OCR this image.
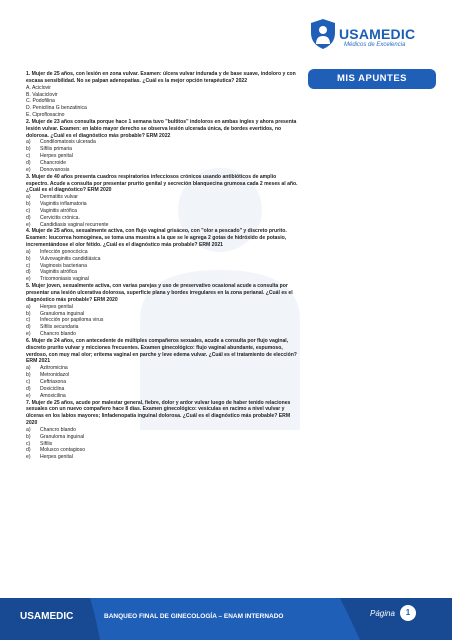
USAMEDIC
Médicos de Excelencia
MIS APUNTES

1. Mujer de 25 años, con lesión en zona vulvar. Examen: úlcera vulvar indurada y de base suave, indoloro y con escasa sensibilidad. No se palpan adenopatías. ¿Cuál es la mejor opción terapéutica? 2022

A. Aciclovir
B. Valaciclovir
C. Podofilina
D. Penicilina G benzatinica
E. Ciprofloxacino

2. Mujer de 23 años consulta porque hace 1 semana tuvo "bultitos" indoloros en ambas ingles y ahora presenta lesión vulvar. Examen: en labio mayor derecho se observa lesión ulcerada única, de bordes evertidos, no dolorosa. ¿Cuál es el diagnóstico más probable? ERM 2022

a)	Condilomatosis ulcerada
b)	Sífilis primaria
c)	Herpes genital
d)	Chancroide
e)	Donovanosis

3. Mujer de 40 años presenta cuadros respiratorios infecciosos crónicos usando antibióticos de amplio espectro. Acude a consulta por presentar prurito genital y secreción blanquecina grumosa cada 2 meses al año. ¿Cuál es el diagnóstico? ERM 2020

a)	Dermatitis vulvar
b)	Vaginitis inflamatoria
c)	Vaginitis atrófica
d)	Cervicitis crónica.
e)	Candidiasis vaginal recurrente

4. Mujer de 25 años, sexualmente activa, con flujo vaginal grisáceo, con "olor a pescado" y discreto prurito. Examen: leucorrea homogénea, se toma una muestra a la que se le agrega 2 gotas de hidróxido de potasio, incrementándose el olor fétido. ¿Cuál es el diagnóstico más probable? ERM 2021

a)	Infección gonocócica
b)	Vulvovaginitis candidiásica
c)	Vaginosis bacteriana
d)	Vaginitis atrófica
e)	Tricomoniasis vaginal

5. Mujer joven, sexualmente activa, con varias parejas y uso de preservativo ocasional acude a consulta por presentar una lesión ulcerativa dolorosa, superficie plana y bordes irregulares en la zona perianal. ¿Cuál es el diagnóstico más probable? ERM 2020

a)	Herpes genital
b)	Granuloma inguinal
c)	Infección por papiloma virus
d)	Sífilis secundaria
e)	Chancro blando

6. Mujer de 24 años, con antecedente de múltiples compañeros sexuales, acude a consulta por flujo vaginal, discreto prurito vulvar y micciones frecuentes. Examen ginecológico: flujo vaginal abundante, espumoso, verdoso, con muy mal olor; eritema vaginal en parche y leve edema vulvar. ¿Cuál es el tratamiento de elección? ERM 2021

a)	Azitromicina
b)	Metronidazol
c)	Ceftriaxona
d)	Doxiciclina
e)	Amoxicilina

7. Mujer de 25 años, acude por malestar general, fiebre, dolor y ardor vulvar luego de haber tenido relaciones sexuales con un nuevo compañero hace 8 días. Examen ginecológico: vesículas en racimo a nivel vulvar y úlceras en los labios mayores; linfadenopatía inguinal dolorosa. ¿Cuál es el diagnóstico más probable? ERM 2020

a)	Chancro blando
b)	Granuloma inguinal
c)	Sífilis
d)	Molusco contagioso
e)	Herpes genital
USAMEDIC	BANQUEO FINAL DE GINECOLOGÍA – ENAM INTERNADO	Página	1
